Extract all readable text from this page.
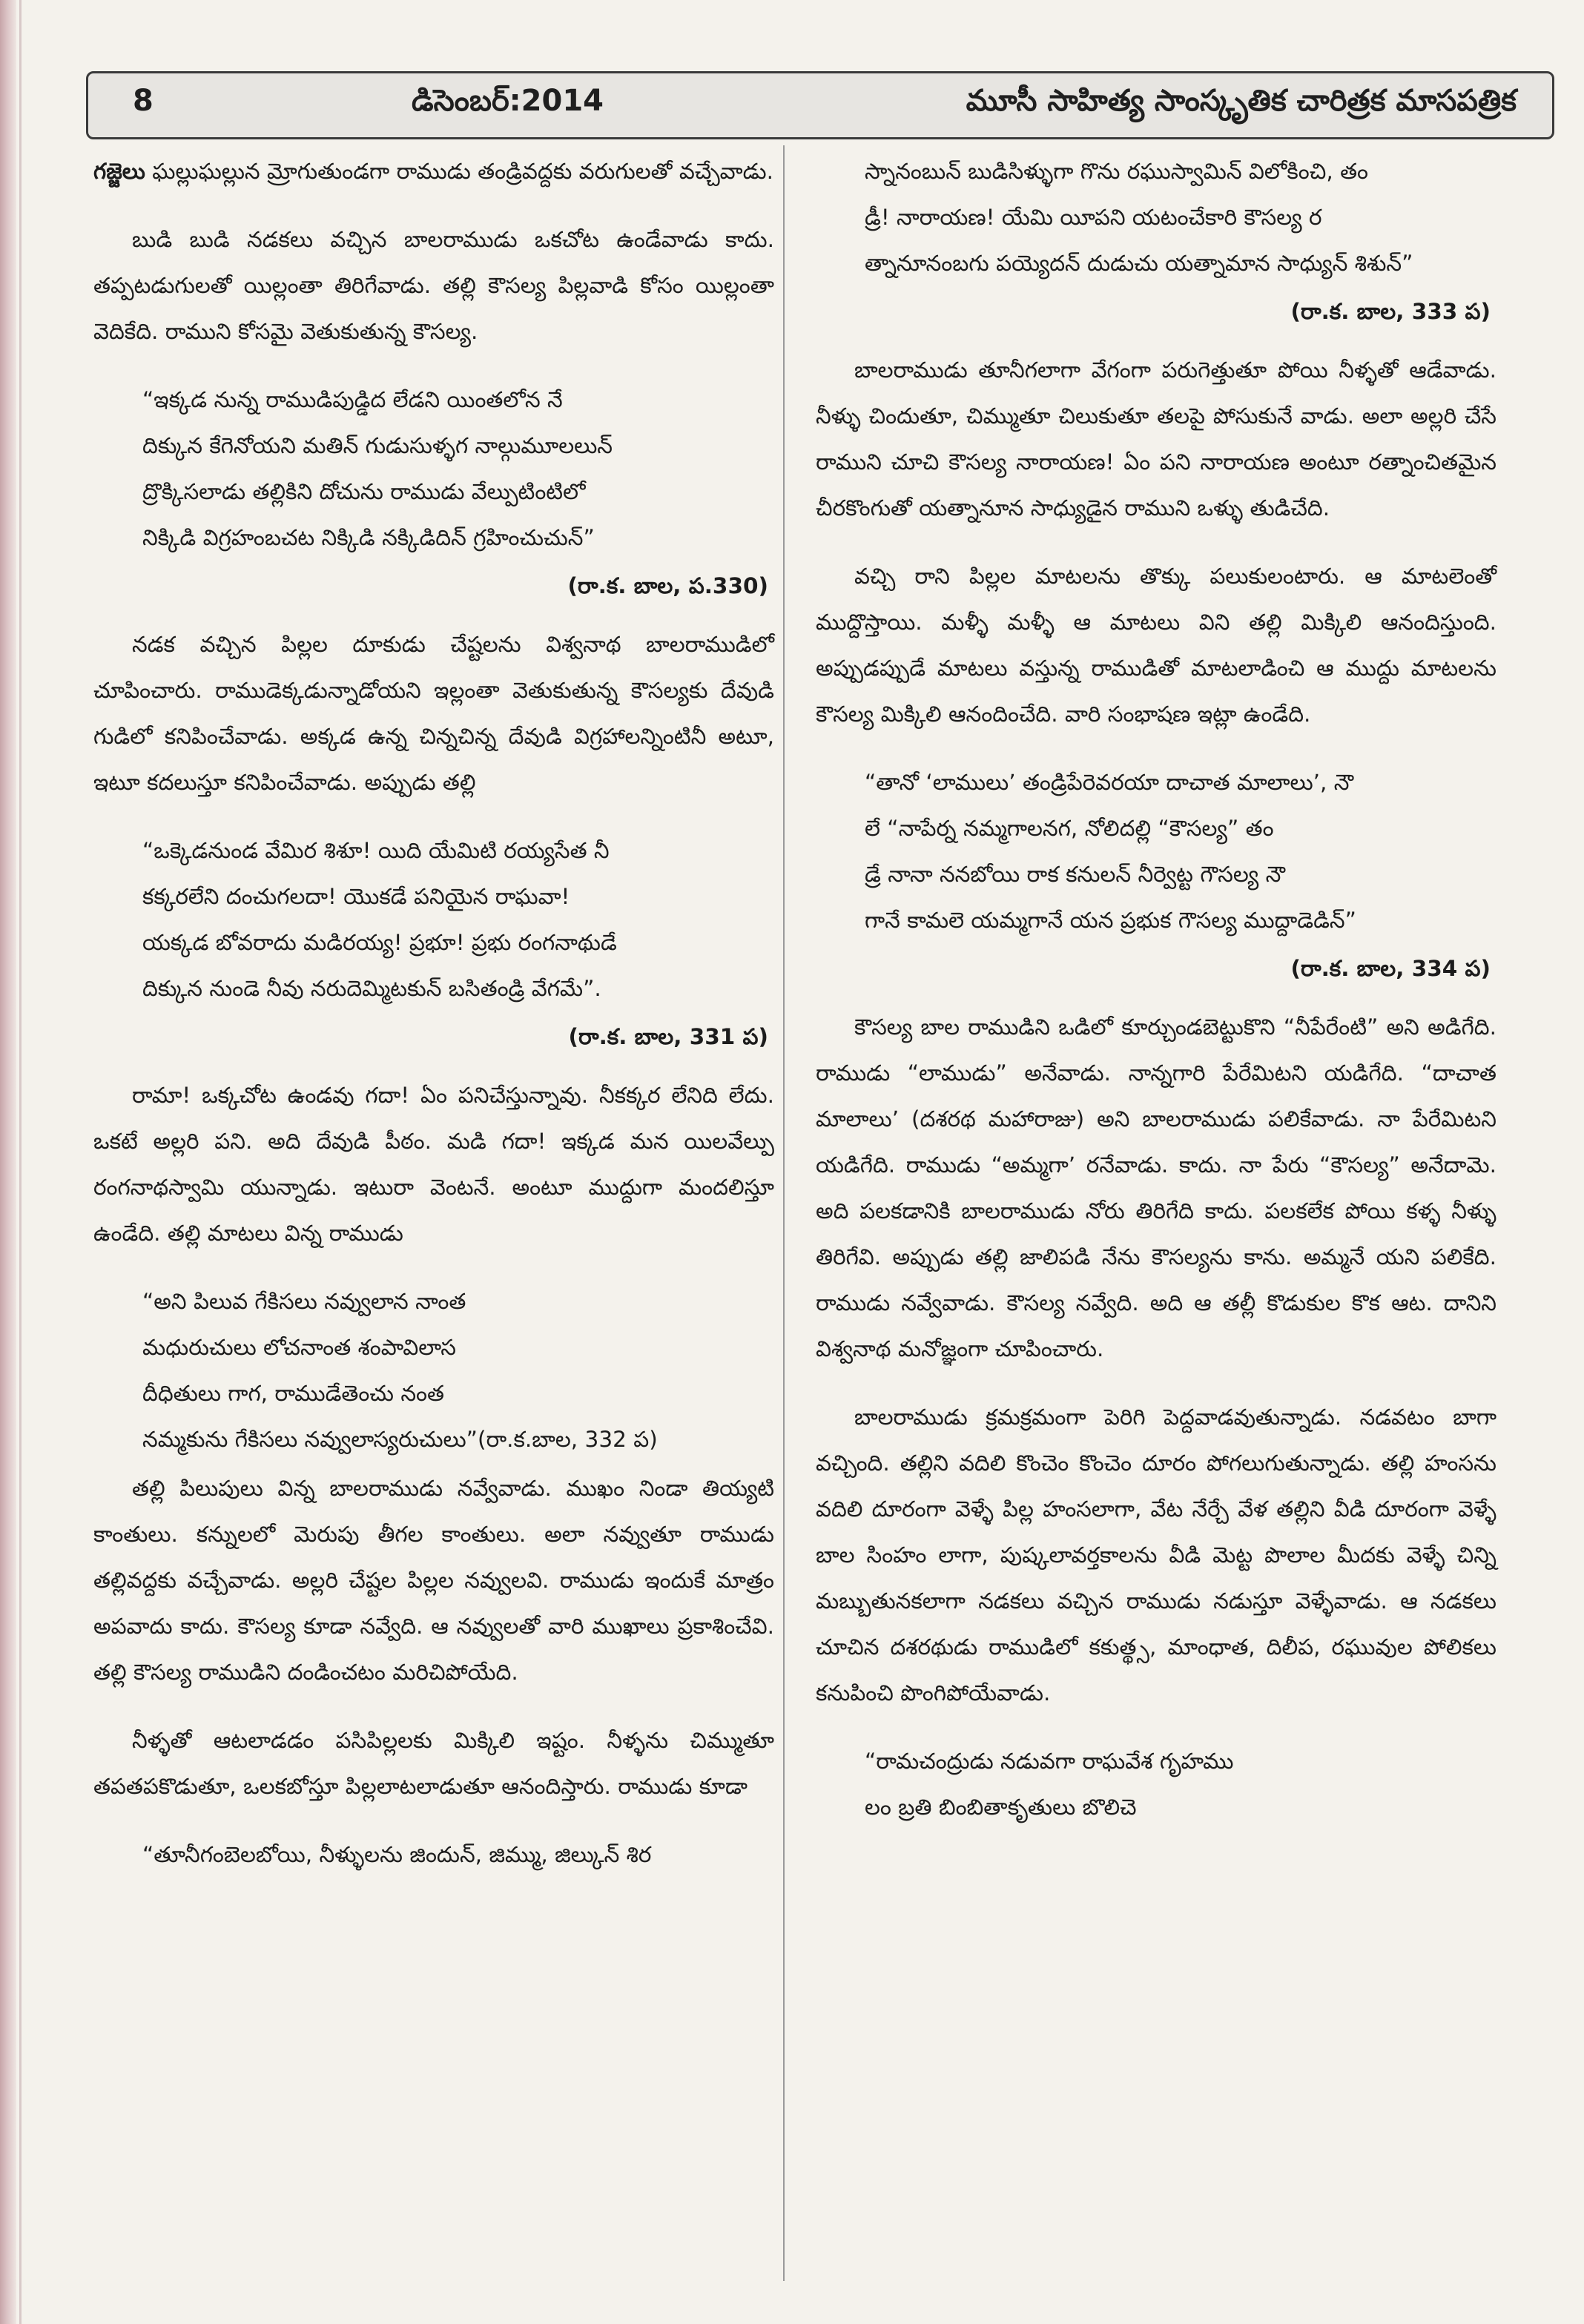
8	డిసెంబర్:2014	మూసీ సాహిత్య సాంస్కృతిక చారిత్రక మాసపత్రిక

గజ్జెలు ఘల్లుఘల్లున మ్రోగుతుండగా రాముడు తండ్రివద్దకు వరుగులతో వచ్చేవాడు.

బుడి బుడి నడకలు వచ్చిన బాలరాముడు ఒకచోట ఉండేవాడు కాదు. తప్పటడుగులతో యిల్లంతా తిరిగేవాడు. తల్లి కౌసల్య పిల్లవాడి కోసం యిల్లంతా వెదికేది. రాముని కోసమై వెతుకుతున్న కౌసల్య.

“ఇక్కడ నున్న రాముడిపుడ్డిద లేడని యింతలోన నే
దిక్కున కేగెనోయని మతిన్ గుడుసుళ్ళగ నాల్గుమూలలున్
ద్రొక్కిసలాడు తల్లికిని దోచును రాముడు వేల్పుటింటిలో
నిక్కిడి విగ్రహంబచట నిక్కిడి నక్కిడిదిన్ గ్రహించుచున్”
(రా.క. బాల, ప.330)

నడక వచ్చిన పిల్లల దూకుడు చేష్టలను విశ్వనాథ బాలరాముడిలో చూపించారు. రాముడెక్కడున్నాడోయని ఇల్లంతా వెతుకుతున్న కౌసల్యకు దేవుడి గుడిలో కనిపించేవాడు. అక్కడ ఉన్న చిన్నచిన్న దేవుడి విగ్రహాలన్నింటినీ అటూ, ఇటూ కదలుస్తూ కనిపించేవాడు. అప్పుడు తల్లి

“ఒక్కెడనుండ వేమిర శిశూ! యిది యేమిటి రయ్యసేత నీ
కక్కరలేని దంచుగలదా! యొకడే పనియైన రాఘవా!
యక్కడ బోవరాదు మడిరయ్య! ప్రభూ! ప్రభు రంగనాథుడే
దిక్కున నుండె నీవు నరుదెమ్మిటకున్ బసితండ్రి వేగమే”.
(రా.క. బాల, 331 ప)

రామా! ఒక్కచోట ఉండవు గదా! ఏం పనిచేస్తున్నావు. నీకక్కర లేనిది లేదు. ఒకటే అల్లరి పని. అది దేవుడి పీఠం. మడి గదా! ఇక్కడ మన యిలవేల్పు రంగనాథస్వామి యున్నాడు. ఇటురా వెంటనే. అంటూ ముద్దుగా మందలిస్తూ ఉండేది. తల్లి మాటలు విన్న రాముడు

“అని పిలువ గేకిసలు నవ్వులాన నాంత
మధురుచులు లోచనాంత శంపావిలాస
దీధితులు గాగ, రాముడేతెంచు నంత
నమ్మకును గేకిసలు నవ్వులాస్యరుచులు”(రా.క.బాల, 332 ప)

తల్లి పిలుపులు విన్న బాలరాముడు నవ్వేవాడు. ముఖం నిండా తియ్యటి కాంతులు. కన్నులలో మెరుపు తీగల కాంతులు. అలా నవ్వుతూ రాముడు తల్లివద్దకు వచ్చేవాడు. అల్లరి చేష్టల పిల్లల నవ్వులవి. రాముడు ఇందుకే మాత్రం అపవాదు కాదు. కౌసల్య కూడా నవ్వేది. ఆ నవ్వులతో వారి ముఖాలు ప్రకాశించేవి. తల్లి కౌసల్య రాముడిని దండించటం మరిచిపోయేది.

నీళ్ళతో ఆటలాడడం పసిపిల్లలకు మిక్కిలి ఇష్టం. నీళ్ళను చిమ్ముతూ తపతపకొడుతూ, ఒలకబోస్తూ పిల్లలాటలాడుతూ ఆనందిస్తారు. రాముడు కూడా

“తూనీగంబెలబోయి, నీళ్ళులను జిందున్, జిమ్ము, జిల్కున్ శిర
స్నానంబున్ బుడిసిళ్ళుగా గొను రఘుస్వామిన్ విలోకించి, తం
డ్రీ! నారాయణ! యేమి యీపని యటంచేకారి కౌసల్య ర
త్నానూనంబగు పయ్యెదన్ దుడుచు యత్నామాన సాధ్యున్ శిశున్”
(రా.క. బాల, 333 ప)

బాలరాముడు తూనీగలాగా వేగంగా పరుగెత్తుతూ పోయి నీళ్ళతో ఆడేవాడు. నీళ్ళు చిందుతూ, చిమ్ముతూ చిలుకుతూ తలపై పోసుకునే వాడు. అలా అల్లరి చేసే రాముని చూచి కౌసల్య నారాయణ! ఏం పని నారాయణ అంటూ రత్నాంచితమైన చీరకొంగుతో యత్నానూన సాధ్యుడైన రాముని ఒళ్ళు తుడిచేది.

వచ్చి రాని పిల్లల మాటలను తొక్కు పలుకులంటారు. ఆ మాటలెంతో ముద్దొస్తాయి. మళ్ళీ మళ్ళీ ఆ మాటలు విని తల్లి మిక్కిలి ఆనందిస్తుంది. అప్పుడప్పుడే మాటలు వస్తున్న రాముడితో మాటలాడించి ఆ ముద్దు మాటలను కౌసల్య మిక్కిలి ఆనందించేది. వారి సంభాషణ ఇట్లా ఉండేది.

“తానో ‘లాములు’ తండ్రిపేరెవరయా దాచాత మాలాలు’, నౌ
లే “నాపేర్న నమ్మగాలనగ, నోలిదల్లి “కౌసల్య” తం
డ్రే నానా ననబోయి రాక కనులన్ నీర్వెట్ట గౌసల్య నౌ
గానే కామలె యమ్మగానే యన ప్రభుక గౌసల్య ముద్దాడెడిన్”
(రా.క. బాల, 334 ప)

కౌసల్య బాల రాముడిని ఒడిలో కూర్చుండబెట్టుకొని “నీపేరేంటి” అని అడిగేది. రాముడు “లాముడు” అనేవాడు. నాన్నగారి పేరేమిటని యడిగేది. “దాచాత మాలాలు’ (దశరథ మహారాజు) అని బాలరాముడు పలికేవాడు. నా పేరేమిటని యడిగేది. రాముడు “అమ్మగా’ రనేవాడు. కాదు. నా పేరు “కౌసల్య” అనేదామె. అది పలకడానికి బాలరాముడు నోరు తిరిగేది కాదు. పలకలేక పోయి కళ్ళ నీళ్ళు తిరిగేవి. అప్పుడు తల్లి జాలిపడి నేను కౌసల్యను కాను. అమ్మనే యని పలికేది. రాముడు నవ్వేవాడు. కౌసల్య నవ్వేది. అది ఆ తల్లీ కొడుకుల కొక ఆట. దానిని విశ్వనాథ మనోజ్ఞంగా చూపించారు.

బాలరాముడు క్రమక్రమంగా పెరిగి పెద్దవాడవుతున్నాడు. నడవటం బాగా వచ్చింది. తల్లిని వదిలి కొంచెం కొంచెం దూరం పోగలుగుతున్నాడు. తల్లి హంసను వదిలి దూరంగా వెళ్ళే పిల్ల హంసలాగా, వేట నేర్చే వేళ తల్లిని వీడి దూరంగా వెళ్ళే బాల సింహం లాగా, పుష్కలావర్తకాలను వీడి మెట్ట పొలాల మీదకు వెళ్ళే చిన్ని మబ్బుతునకలాగా నడకలు వచ్చిన రాముడు నడుస్తూ వెళ్ళేవాడు. ఆ నడకలు చూచిన దశరథుడు రాముడిలో కకుత్థ్స, మాంధాత, దిలీప, రఘువుల పోలికలు కనుపించి పొంగిపోయేవాడు.

“రామచంద్రుడు నడువగా రాఘవేశ గృహము
లం బ్రతి బింబితాకృతులు బొలిచె
